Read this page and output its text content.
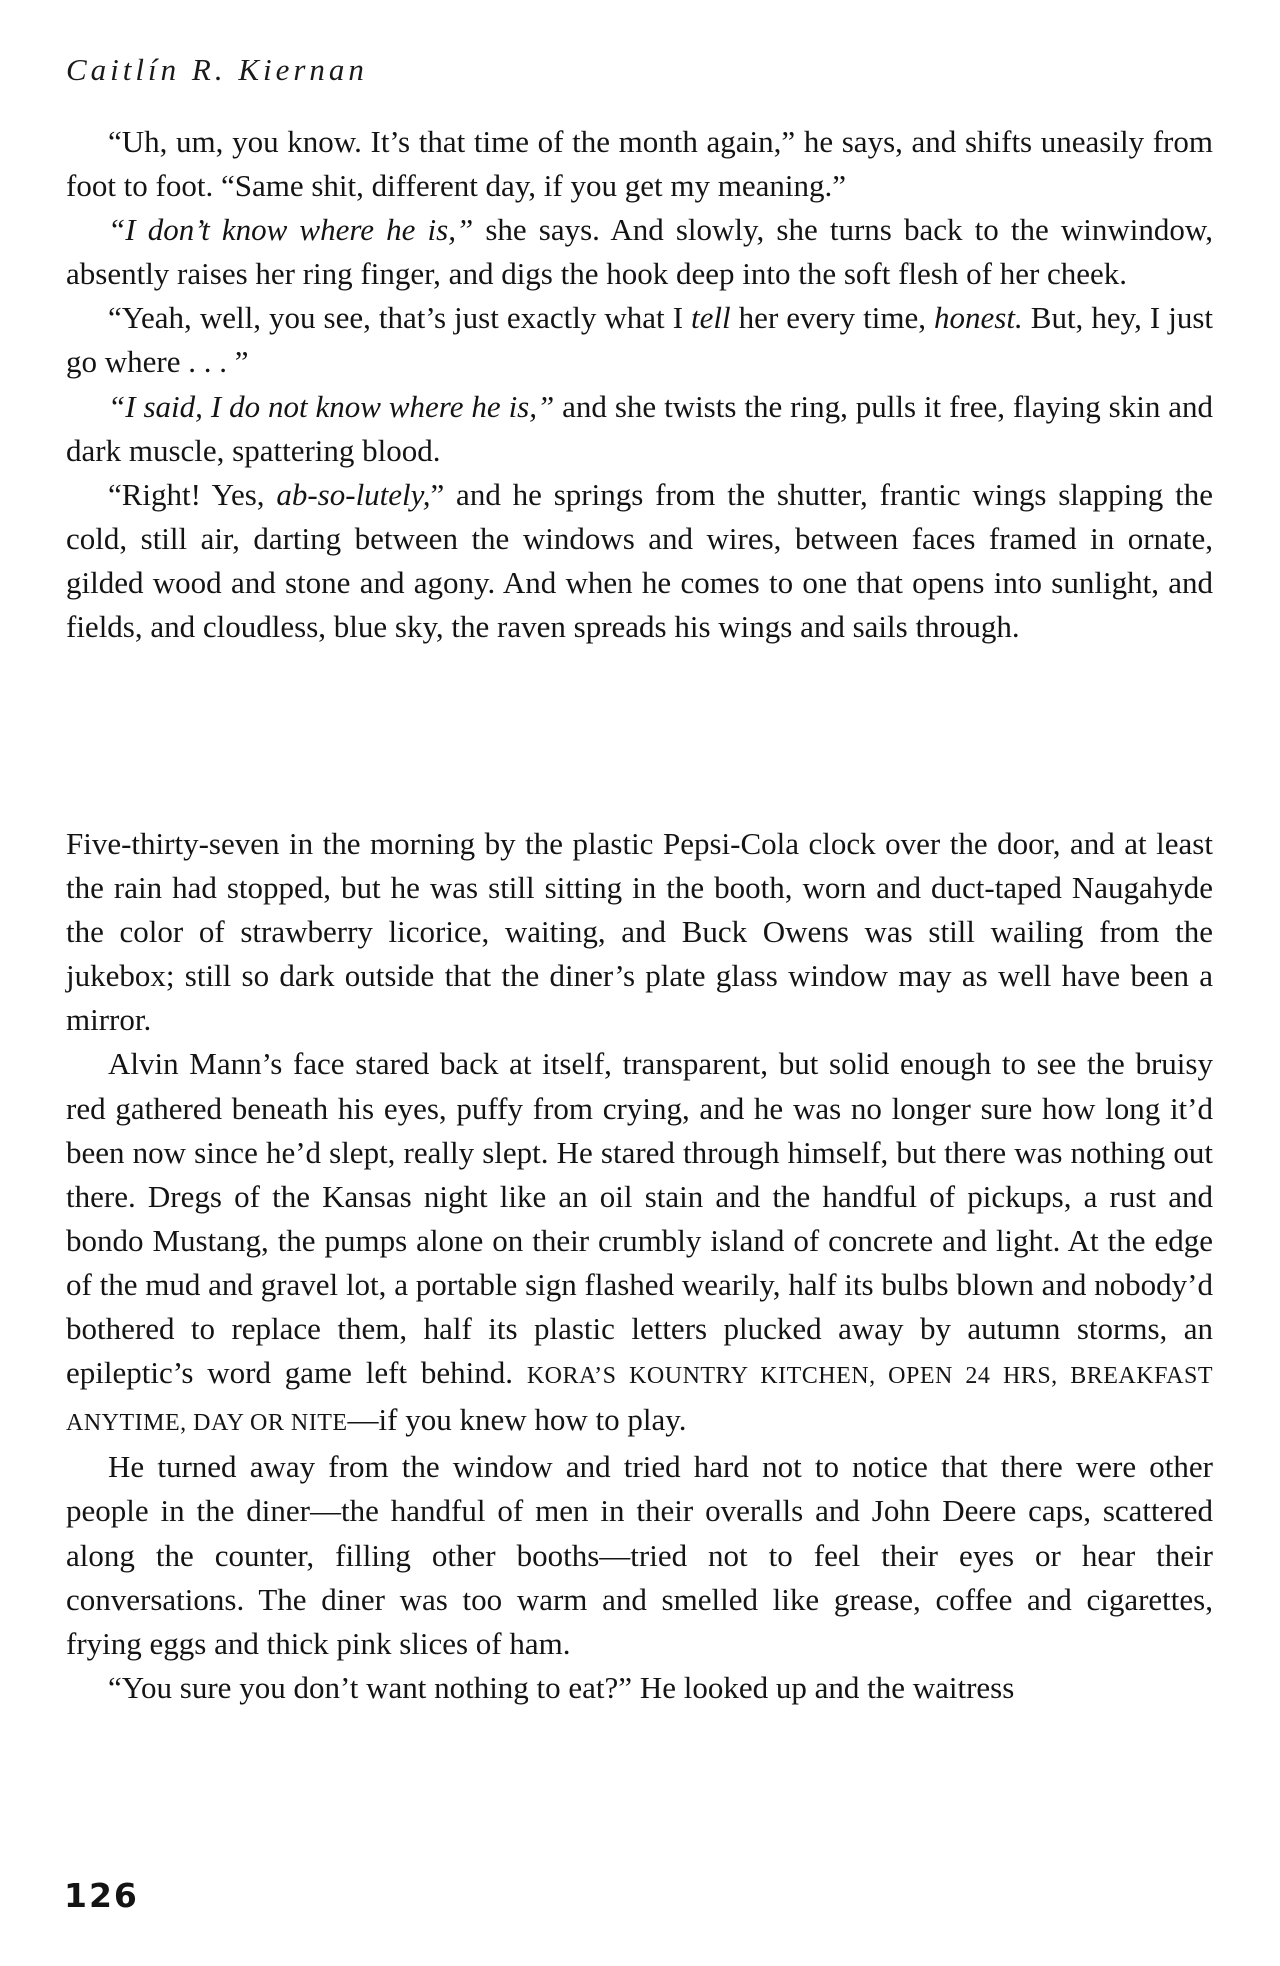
Caitlín R. Kiernan

“Uh, um, you know. It’s that time of the month again,” he says, and shifts uneasily from foot to foot. “Same shit, different day, if you get my meaning.”

“I don’t know where he is,” she says. And slowly, she turns back to the winwindow, absently raises her ring finger, and digs the hook deep into the soft flesh of her cheek.

“Yeah, well, you see, that’s just exactly what I tell her every time, honest. But, hey, I just go where . . . ”

“I said, I do not know where he is,” and she twists the ring, pulls it free, flaying skin and dark muscle, spattering blood.

“Right! Yes, ab-so-lutely,” and he springs from the shutter, frantic wings slapping the cold, still air, darting between the windows and wires, between faces framed in ornate, gilded wood and stone and agony. And when he comes to one that opens into sunlight, and fields, and cloudless, blue sky, the raven spreads his wings and sails through.

Five-thirty-seven in the morning by the plastic Pepsi-Cola clock over the door, and at least the rain had stopped, but he was still sitting in the booth, worn and duct-taped Naugahyde the color of strawberry licorice, waiting, and Buck Owens was still wailing from the jukebox; still so dark outside that the diner’s plate glass window may as well have been a mirror.

Alvin Mann’s face stared back at itself, transparent, but solid enough to see the bruisy red gathered beneath his eyes, puffy from crying, and he was no longer sure how long it’d been now since he’d slept, really slept. He stared through himself, but there was nothing out there. Dregs of the Kansas night like an oil stain and the handful of pickups, a rust and bondo Mustang, the pumps alone on their crumbly island of concrete and light. At the edge of the mud and gravel lot, a portable sign flashed wearily, half its bulbs blown and nobody’d bothered to replace them, half its plastic letters plucked away by autumn storms, an epileptic’s word game left behind. KORA’S KOUNTRY KITCHEN, OPEN 24 HRS, BREAKFAST ANYTIME, DAY OR NITE—if you knew how to play.

He turned away from the window and tried hard not to notice that there were other people in the diner—the handful of men in their overalls and John Deere caps, scattered along the counter, filling other booths—tried not to feel their eyes or hear their conversations. The diner was too warm and smelled like grease, coffee and cigarettes, frying eggs and thick pink slices of ham.

“You sure you don’t want nothing to eat?” He looked up and the waitress

126
